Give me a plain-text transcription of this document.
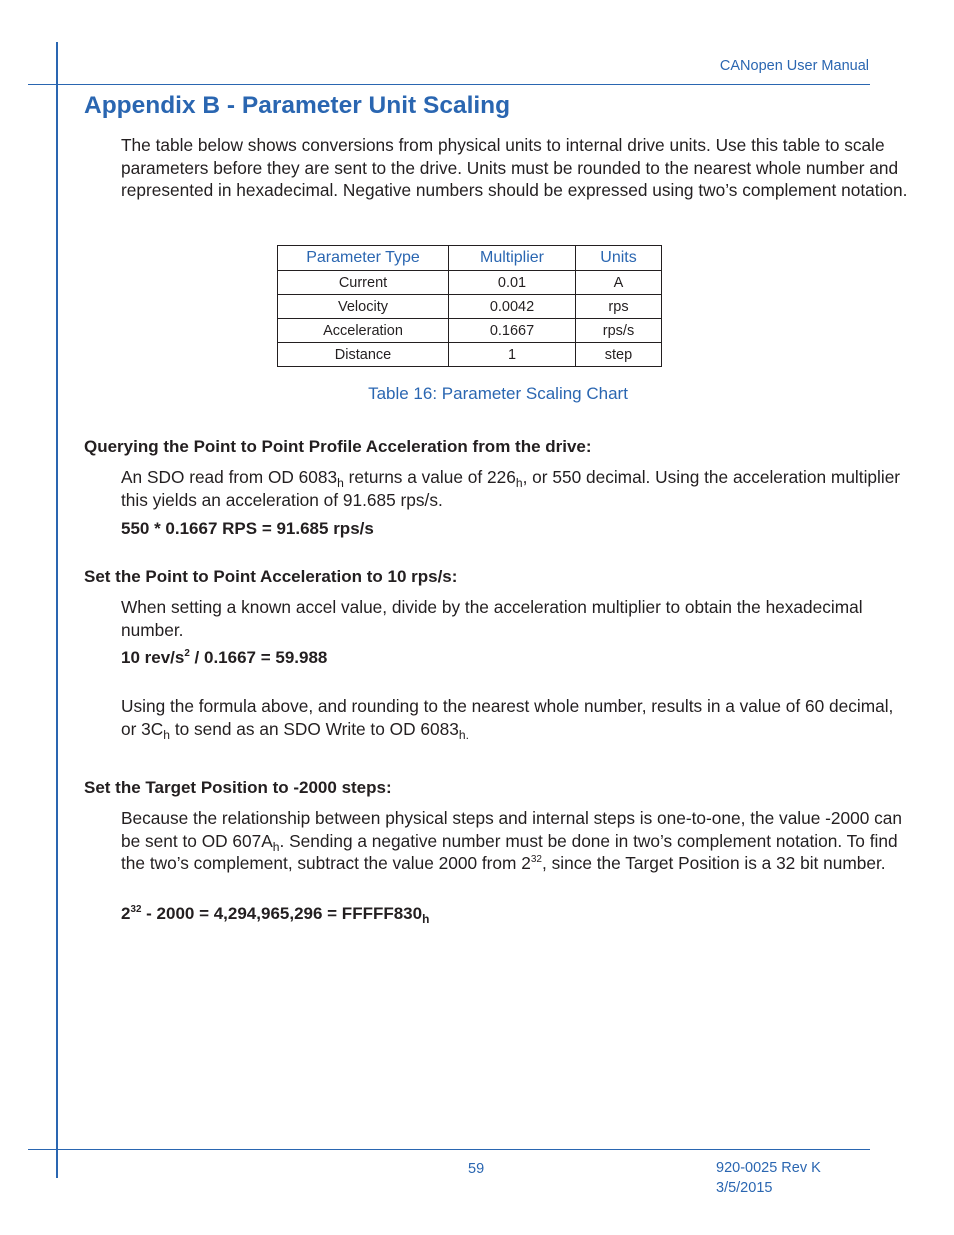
CANopen User Manual
Appendix B - Parameter Unit Scaling

The table below shows conversions from physical units to internal drive units. Use this table to scale parameters before they are sent to the drive. Units must be rounded to the nearest whole number and represented in hexadecimal. Negative numbers should be expressed using two’s complement notation.

Parameter Type	Multiplier	Units
Current	0.01	A
Velocity	0.0042	rps
Acceleration	0.1667	rps/s
Distance	1	step

Table 16: Parameter Scaling Chart

Querying the Point to Point Profile Acceleration from the drive:

An SDO read from OD $6083_h$ returns a value of $226_h$, or 550 decimal. Using the acceleration multiplier this yields an acceleration of 91.685 rps/s.

550 * 0.1667 RPS = 91.685 rps/s

Set the Point to Point Acceleration to 10 rps/s:

When setting a known accel value, divide by the acceleration multiplier to obtain the hexadecimal number.

10 rev/$s^2 / 0.1667 = 59.988$

Using the formula above, and rounding to the nearest whole number, results in a value of 60 decimal, or $3C_h$ to send as an SDO Write to OD $6083_{h.}$

Set the Target Position to -2000 steps:

Because the relationship between physical steps and internal steps is one-to-one, the value -2000 can be sent to OD $607A_h$. Sending a negative number must be done in two’s complement notation. To find the two’s complement, subtract the value 2000 from $2^{32}$, since the Target Position is a 32 bit number.

$2^{32} - 2000 = 4,294,965,296$ = $FFFFF830_h$

59	920-0025 Rev K
3/5/2015
